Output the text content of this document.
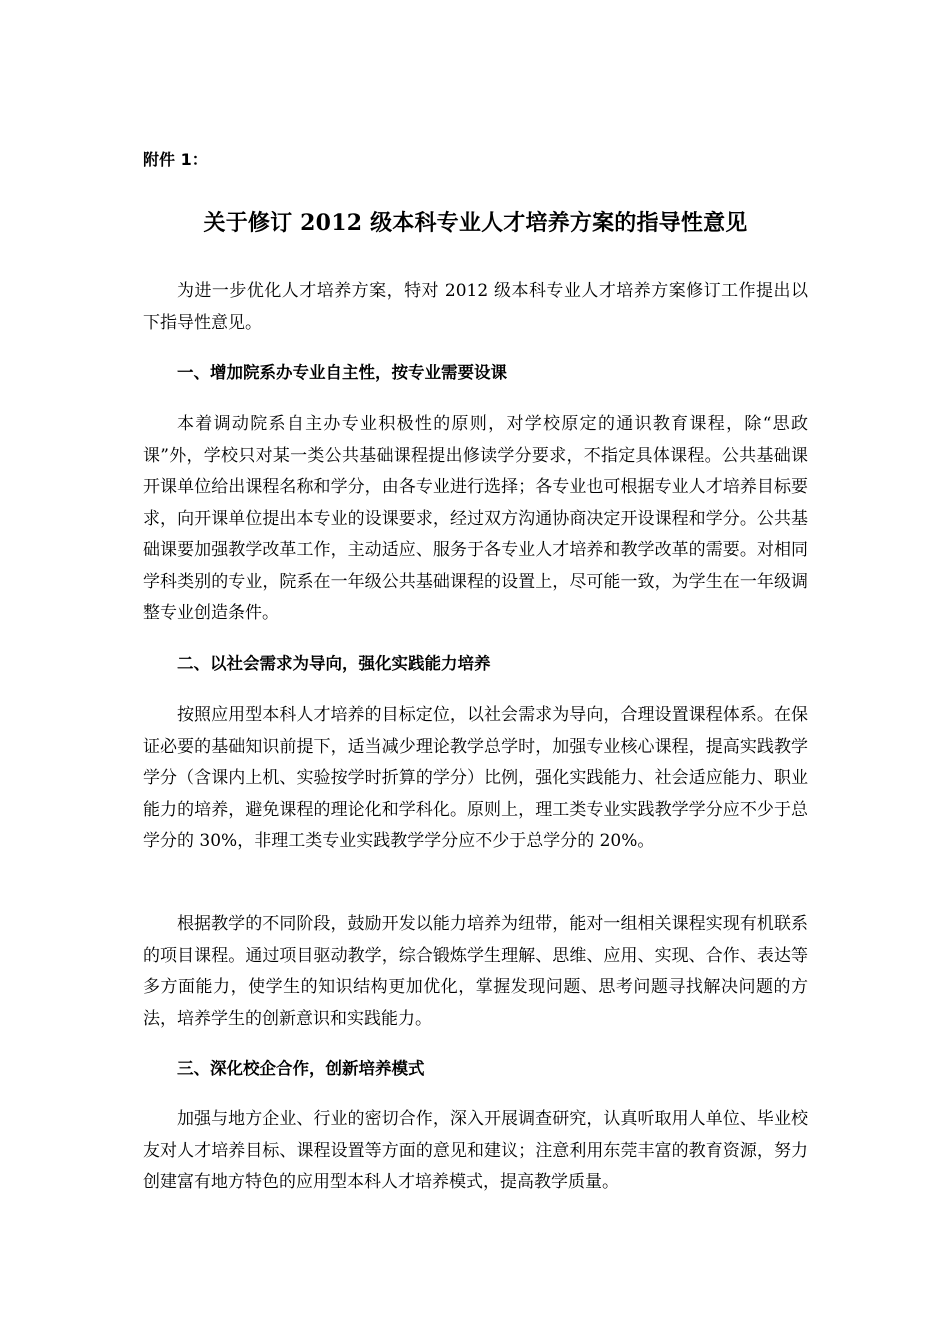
附件 1：

关于修订 2012 级本科专业人才培养方案的指导性意见

为进一步优化人才培养方案，特对 2012 级本科专业人才培养方案修订工作提出以下指导性意见。

一、增加院系办专业自主性，按专业需要设课

本着调动院系自主办专业积极性的原则，对学校原定的通识教育课程，除“思政课”外，学校只对某一类公共基础课程提出修读学分要求，不指定具体课程。公共基础课开课单位给出课程名称和学分，由各专业进行选择；各专业也可根据专业人才培养目标要求，向开课单位提出本专业的设课要求，经过双方沟通协商决定开设课程和学分。公共基础课要加强教学改革工作，主动适应、服务于各专业人才培养和教学改革的需要。对相同学科类别的专业，院系在一年级公共基础课程的设置上，尽可能一致，为学生在一年级调整专业创造条件。

二、以社会需求为导向，强化实践能力培养

按照应用型本科人才培养的目标定位，以社会需求为导向，合理设置课程体系。在保证必要的基础知识前提下，适当减少理论教学总学时，加强专业核心课程，提高实践教学学分（含课内上机、实验按学时折算的学分）比例，强化实践能力、社会适应能力、职业能力的培养，避免课程的理论化和学科化。原则上，理工类专业实践教学学分应不少于总学分的 30%，非理工类专业实践教学学分应不少于总学分的 20%。

根据教学的不同阶段，鼓励开发以能力培养为纽带，能对一组相关课程实现有机联系的项目课程。通过项目驱动教学，综合锻炼学生理解、思维、应用、实现、合作、表达等多方面能力，使学生的知识结构更加优化，掌握发现问题、思考问题寻找解决问题的方法，培养学生的创新意识和实践能力。

三、深化校企合作，创新培养模式

加强与地方企业、行业的密切合作，深入开展调查研究，认真听取用人单位、毕业校友对人才培养目标、课程设置等方面的意见和建议；注意利用东莞丰富的教育资源，努力创建富有地方特色的应用型本科人才培养模式，提高教学质量。
